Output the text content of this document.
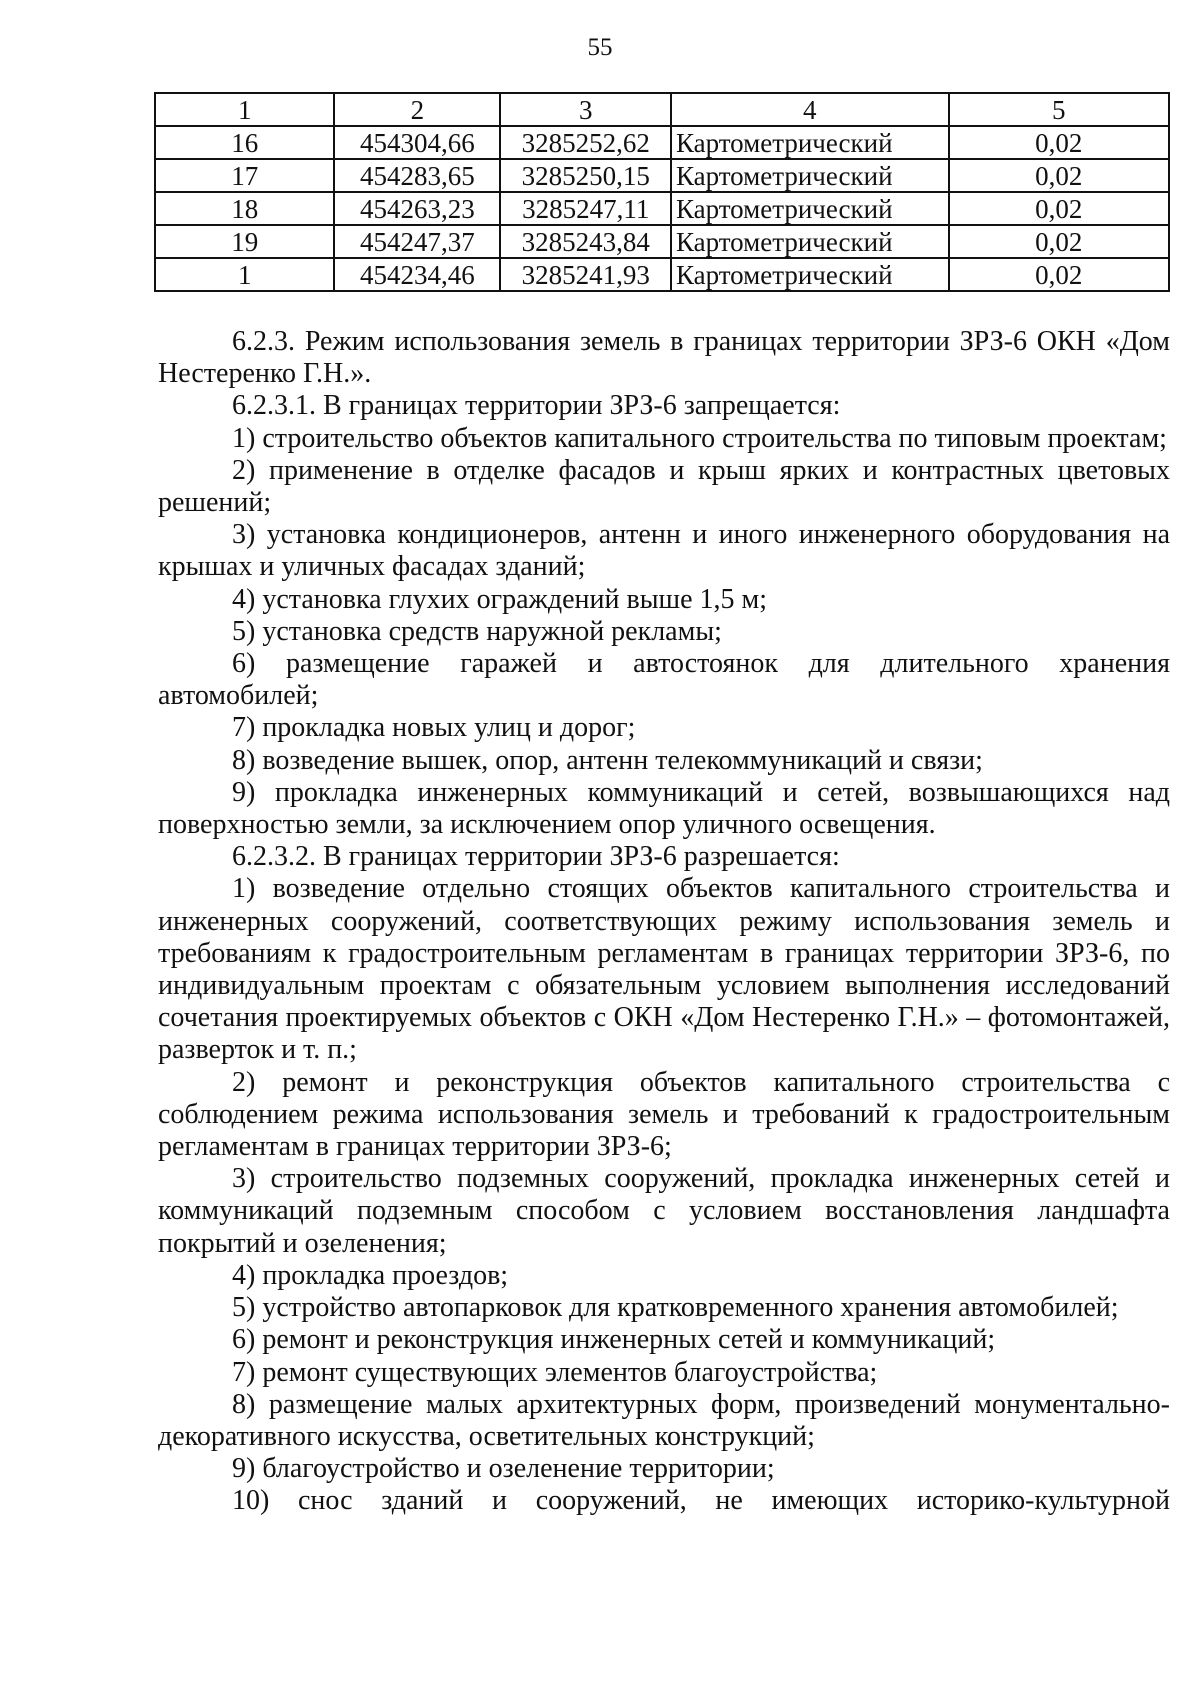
55
1	2	3	4	5
16	454304,66	3285252,62	Картометрический	0,02
17	454283,65	3285250,15	Картометрический	0,02
18	454263,23	3285247,11	Картометрический	0,02
19	454247,37	3285243,84	Картометрический	0,02
1	454234,46	3285241,93	Картометрический	0,02

6.2.3. Режим использования земель в границах территории ЗРЗ-6 ОКН «Дом Нестеренко Г.Н.».

6.2.3.1. В границах территории ЗРЗ-6 запрещается:

1) строительство объектов капитального строительства по типовым проектам;

2) применение в отделке фасадов и крыш ярких и контрастных цветовых решений;

3) установка кондиционеров, антенн и иного инженерного оборудования на крышах и уличных фасадах зданий;

4) установка глухих ограждений выше 1,5 м;

5) установка средств наружной рекламы;

6) размещение гаражей и автостоянок для длительного хранения автомобилей;

7) прокладка новых улиц и дорог;

8) возведение вышек, опор, антенн телекоммуникаций и связи;

9) прокладка инженерных коммуникаций и сетей, возвышающихся над поверхностью земли, за исключением опор уличного освещения.

6.2.3.2. В границах территории ЗРЗ-6 разрешается:

1) возведение отдельно стоящих объектов капитального строительства и инженерных сооружений, соответствующих режиму использования земель и требованиям к градостроительным регламентам в границах территории ЗРЗ-6, по индивидуальным проектам с обязательным условием выполнения исследований сочетания проектируемых объектов с ОКН «Дом Нестеренко Г.Н.» – фотомонтажей, разверток и т. п.;

2) ремонт и реконструкция объектов капитального строительства с соблюдением режима использования земель и требований к градостроительным регламентам в границах территории ЗРЗ-6;

3) строительство подземных сооружений, прокладка инженерных сетей и коммуникаций подземным способом с условием восстановления ландшафта покрытий и озеленения;

4) прокладка проездов;

5) устройство автопарковок для кратковременного хранения автомобилей;

6) ремонт и реконструкция инженерных сетей и коммуникаций;

7) ремонт существующих элементов благоустройства;

8) размещение малых архитектурных форм, произведений монументально-декоративного искусства, осветительных конструкций;

9) благоустройство и озеленение территории;

10) снос зданий и сооружений, не имеющих историко-культурной
